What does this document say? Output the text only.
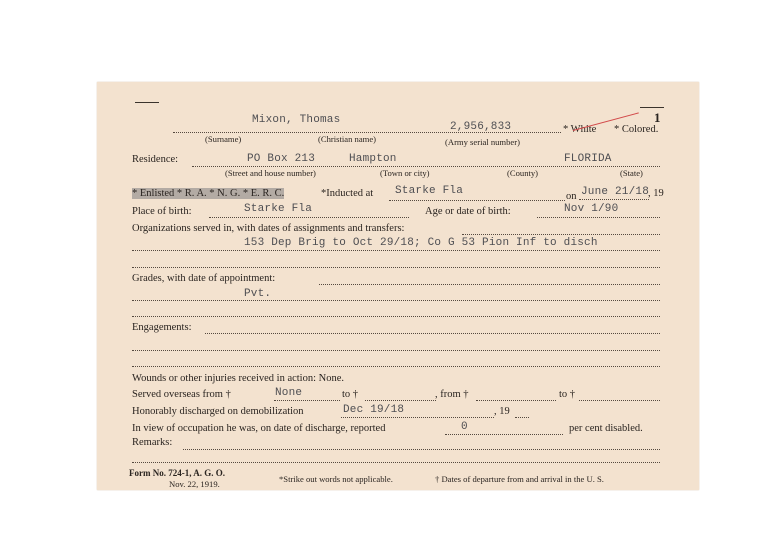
1
Mixon, Thomas
2,956,833	* White * Colored.
(Surname)	(Christian name)	(Army serial number)
Residence:	PO Box 213	Hampton	FLORIDA
(Street and house number)	(Town or city)	(County)	(State)
* Enlisted * R. A. * N. G. * E. R. C.	*Inducted at Starke Fla	on June 21/18
, 19
Place of birth:	Starke Fla	Age or date of birth:	Nov 1/90
Organizations served in, with dates of assignments and transfers:
153 Dep Brig to Oct 29/18; Co G 53 Pion Inf to disch
Grades, with date of appointment:
Pvt.
Engagements:
Wounds or other injuries received in action: None.
Served overseas from †	None	to †	, from †	to †
Honorably discharged on demobilization	Dec 19/18	, 19
In view of occupation he was, on date of discharge, reported	0	per cent disabled.
Remarks:
Form No. 724-1, A. G. O.
Nov. 22, 1919.	*Strike out words not applicable.	† Dates of departure from and arrival in the U. S.
